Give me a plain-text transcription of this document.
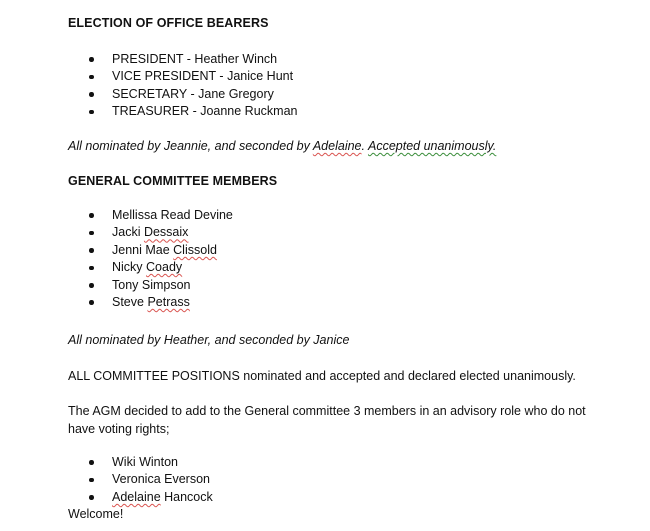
ELECTION OF OFFICE BEARERS
PRESIDENT - Heather Winch
VICE PRESIDENT - Janice Hunt
SECRETARY - Jane Gregory
TREASURER - Joanne Ruckman
All nominated by Jeannie, and seconded by Adelaine. Accepted unanimously.
GENERAL COMMITTEE MEMBERS
Mellissa Read Devine
Jacki Dessaix
Jenni Mae Clissold
Nicky Coady
Tony Simpson
Steve Petrass
All nominated by Heather, and seconded by Janice
ALL COMMITTEE POSITIONS nominated and accepted and declared elected unanimously.
The AGM decided to add to the General committee 3 members in an advisory role who do not
have voting rights;
Wiki Winton
Veronica Everson
Adelaine Hancock
Welcome!
